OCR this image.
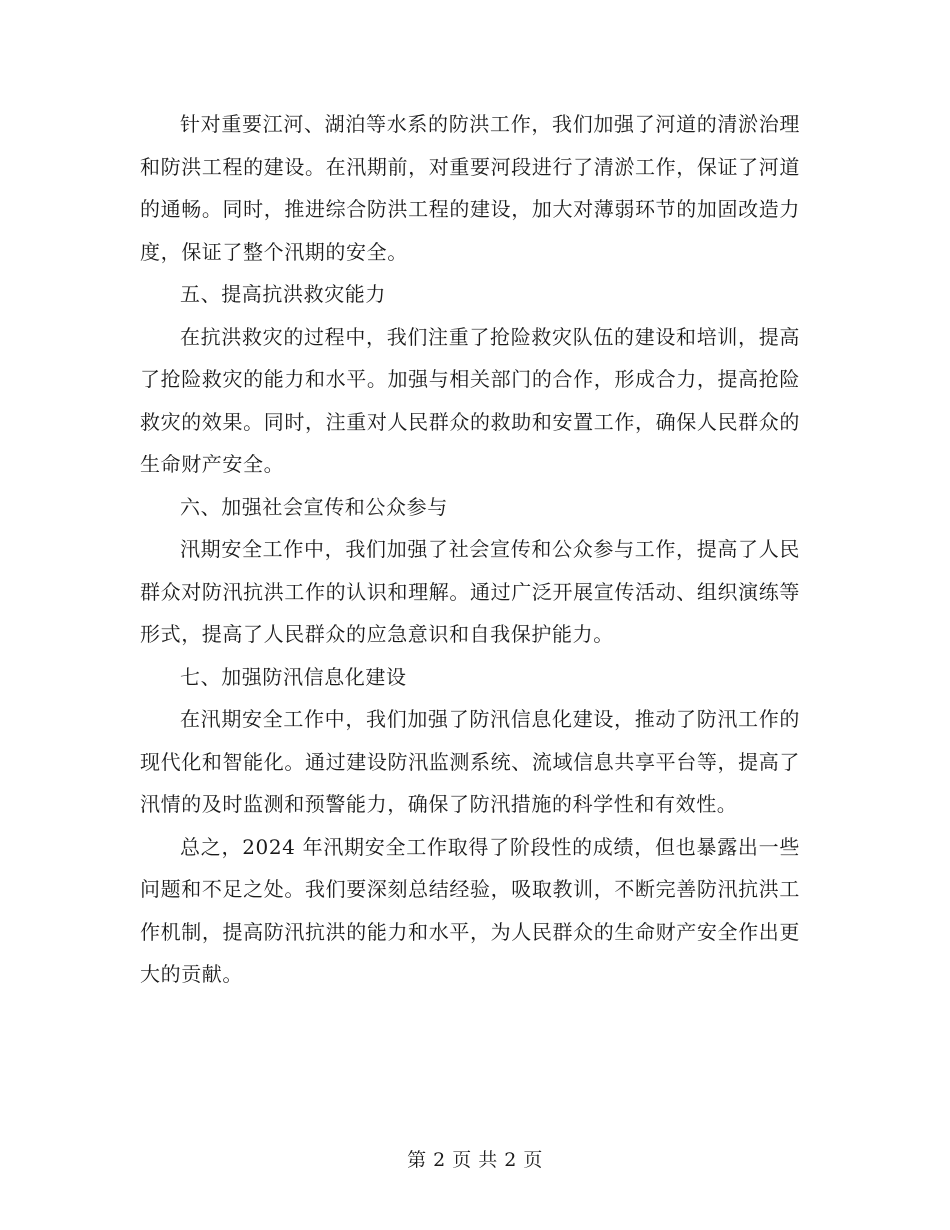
针对重要江河、湖泊等水系的防洪工作，我们加强了河道的清淤治理和防洪工程的建设。在汛期前，对重要河段进行了清淤工作，保证了河道的通畅。同时，推进综合防洪工程的建设，加大对薄弱环节的加固改造力度，保证了整个汛期的安全。

五、提高抗洪救灾能力

在抗洪救灾的过程中，我们注重了抢险救灾队伍的建设和培训，提高了抢险救灾的能力和水平。加强与相关部门的合作，形成合力，提高抢险救灾的效果。同时，注重对人民群众的救助和安置工作，确保人民群众的生命财产安全。

六、加强社会宣传和公众参与

汛期安全工作中，我们加强了社会宣传和公众参与工作，提高了人民群众对防汛抗洪工作的认识和理解。通过广泛开展宣传活动、组织演练等形式，提高了人民群众的应急意识和自我保护能力。

七、加强防汛信息化建设

在汛期安全工作中，我们加强了防汛信息化建设，推动了防汛工作的现代化和智能化。通过建设防汛监测系统、流域信息共享平台等，提高了汛情的及时监测和预警能力，确保了防汛措施的科学性和有效性。

总之，2024 年汛期安全工作取得了阶段性的成绩，但也暴露出一些问题和不足之处。我们要深刻总结经验，吸取教训，不断完善防汛抗洪工作机制，提高防汛抗洪的能力和水平，为人民群众的生命财产安全作出更大的贡献。

第 2 页 共 2 页
